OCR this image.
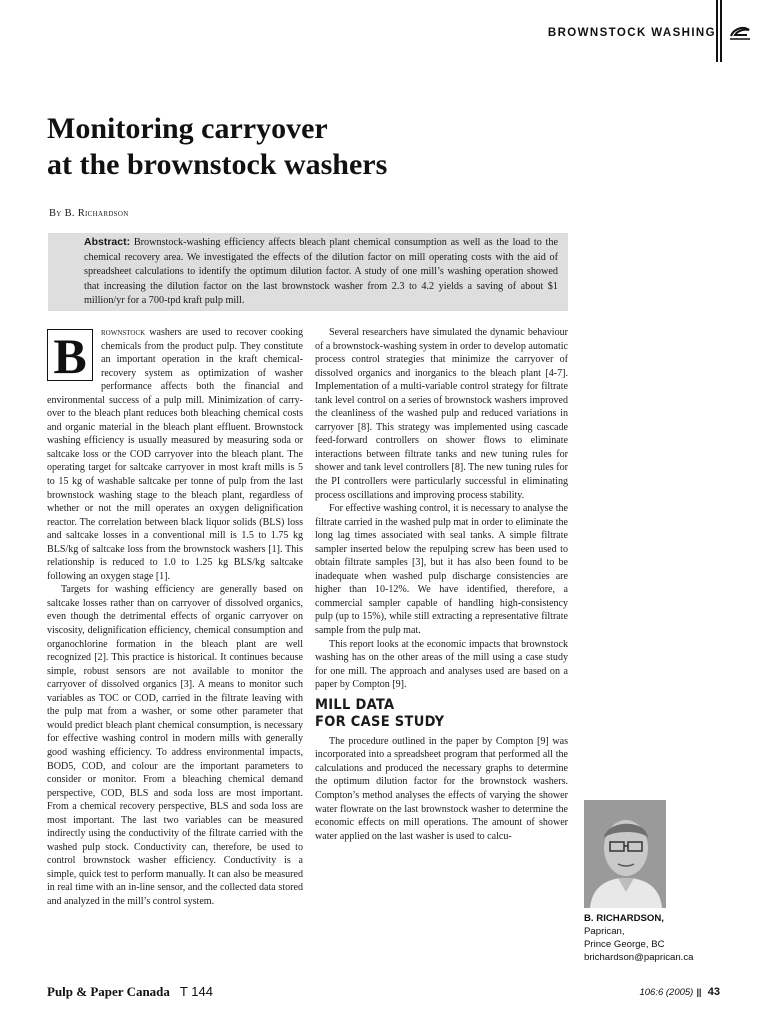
BROWNSTOCK WASHING
Monitoring carryover
at the brownstock washers
By B. Richardson

Abstract: Brownstock-washing efficiency affects bleach plant chemical consumption as well as the load to the chemical recovery area. We investigated the effects of the dilution factor on mill operating costs with the aid of spreadsheet calculations to identify the optimum dilution factor. A study of one mill’s washing operation showed that increasing the dilution factor on the last brownstock washer from 2.3 to 4.2 yields a saving of about $1 million/yr for a 700-tpd kraft pulp mill.

B	rownstock washers are used to recover cooking chemicals from the product pulp. They constitute an important operation in the kraft chemical-recovery system as optimization of washer performance affects both the financial and environmental success of a pulp mill. Minimization of carry-over to the bleach plant reduces both bleaching chemical costs and organic material in the bleach plant effluent. Brownstock washing efficiency is usually measured by measuring soda or saltcake loss or the COD carryover into the bleach plant. The operating target for saltcake carryover in most kraft mills is 5 to 15 kg of washable saltcake per tonne of pulp from the last brownstock washing stage to the bleach plant, regardless of whether or not the mill operates an oxygen delignification reactor. The correlation between black liquor solids (BLS) loss and saltcake losses in a conventional mill is 1.5 to 1.75 kg BLS/kg of saltcake loss from the brownstock washers [1]. This relationship is reduced to 1.0 to 1.25 kg BLS/kg saltcake following an oxygen stage [1].

Targets for washing efficiency are generally based on saltcake losses rather than on carryover of dissolved organics, even though the detrimental effects of organic carryover on viscosity, delignification efficiency, chemical consumption and organochlorine formation in the bleach plant are well recognized [2]. This practice is historical. It continues because simple, robust sensors are not available to monitor the carryover of dissolved organics [3]. A means to monitor such variables as TOC or COD, carried in the filtrate leaving with the pulp mat from a washer, or some other parameter that would predict bleach plant chemical consumption, is necessary for effective washing control in modern mills with generally good washing efficiency. To address environmental impacts, BOD5, COD, and colour are the important parameters to consider or monitor. From a bleaching chemical demand perspective, COD, BLS and soda loss are most important. From a chemical recovery perspective, BLS and soda loss are most important. The last two variables can be measured indirectly using the conductivity of the filtrate carried with the washed pulp stock. Conductivity can, therefore, be used to control brownstock washer efficiency. Conductivity is a simple, quick test to perform manually. It can also be measured in real time with an in-line sensor, and the collected data stored and analyzed in the mill’s control system.

Several researchers have simulated the dynamic behaviour of a brownstock-washing system in order to develop automatic process control strategies that minimize the carryover of dissolved organics and inorganics to the bleach plant [4-7]. Implementation of a multi-variable control strategy for filtrate tank level control on a series of brownstock washers improved the cleanliness of the washed pulp and reduced variations in carryover [8]. This strategy was implemented using cascade feed-forward controllers on shower flows to eliminate interactions between filtrate tanks and new tuning rules for shower and tank level controllers [8]. The new tuning rules for the PI controllers were particularly successful in eliminating process oscillations and improving process stability.

For effective washing control, it is necessary to analyse the filtrate carried in the washed pulp mat in order to eliminate the long lag times associated with seal tanks. A simple filtrate sampler inserted below the repulping screw has been used to obtain filtrate samples [3], but it has also been found to be inadequate when washed pulp discharge consistencies are higher than 10-12%. We have identified, therefore, a commercial sampler capable of handling high-consistency pulp (up to 15%), while still extracting a representative filtrate sample from the pulp mat.

This report looks at the economic impacts that brownstock washing has on the other areas of the mill using a case study for one mill. The approach and analyses used are based on a paper by Compton [9].

MILL DATA
FOR CASE STUDY

The procedure outlined in the paper by Compton [9] was incorporated into a spreadsheet program that performed all the calculations and produced the necessary graphs to determine the optimum dilution factor for the brownstock washers. Compton’s method analyses the effects of varying the shower water flowrate on the last brownstock washer to determine the economic effects on mill operations. The amount of shower water applied on the last washer is used to calcu-

B. RICHARDSON,
Paprican,
Prince George, BC
brichardson@paprican.ca
Pulp & Paper Canada T 144	106:6 (2005) ||| 43
